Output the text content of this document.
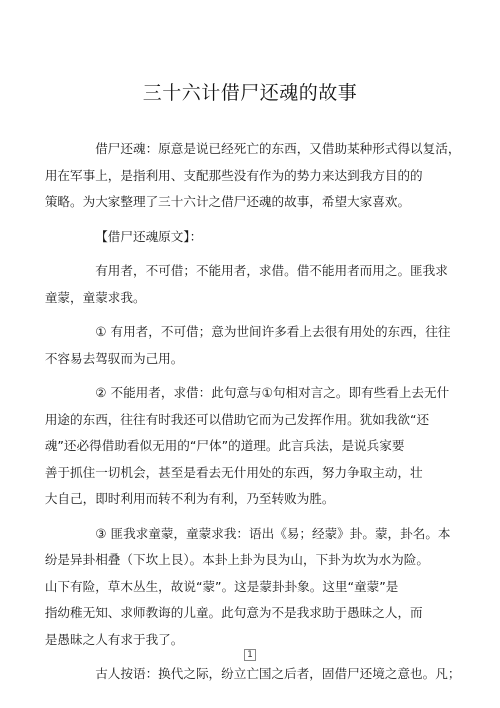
三十六计借尸还魂的故事
借尸还魂：原意是说已经死亡的东西，又借助某种形式得以复活，
用在军事上，是指利用、支配那些没有作为的势力来达到我方目的的
策略。为大家整理了三十六计之借尸还魂的故事，希望大家喜欢。
【借尸还魂原文】：
有用者，不可借；不能用者，求借。借不能用者而用之。匪我求
童蒙，童蒙求我。
① 有用者，不可借；意为世间许多看上去很有用处的东西，往往
不容易去驾驭而为己用。
② 不能用者，求借：此句意与①句相对言之。即有些看上去无什
用途的东西，往往有时我还可以借助它而为己发挥作用。犹如我欲“还
魂”还必得借助看似无用的“尸体”的道理。此言兵法，是说兵家要
善于抓住一切机会，甚至是看去无什用处的东西，努力争取主动，壮
大自己，即时利用而转不利为有利，乃至转败为胜。
③ 匪我求童蒙，童蒙求我：语出《易；经蒙》卦。蒙，卦名。本
纷是异卦相叠（下坎上艮）。本卦上卦为艮为山，下卦为坎为水为险。
山下有险，草木丛生，故说“蒙”。这是蒙卦卦象。这里“童蒙”是
指幼稚无知、求师教诲的儿童。此句意为不是我求助于愚昧之人，而
是愚昧之人有求于我了。
古人按语：换代之际，纷立亡国之后者，固借尸还境之意也。凡；
1
